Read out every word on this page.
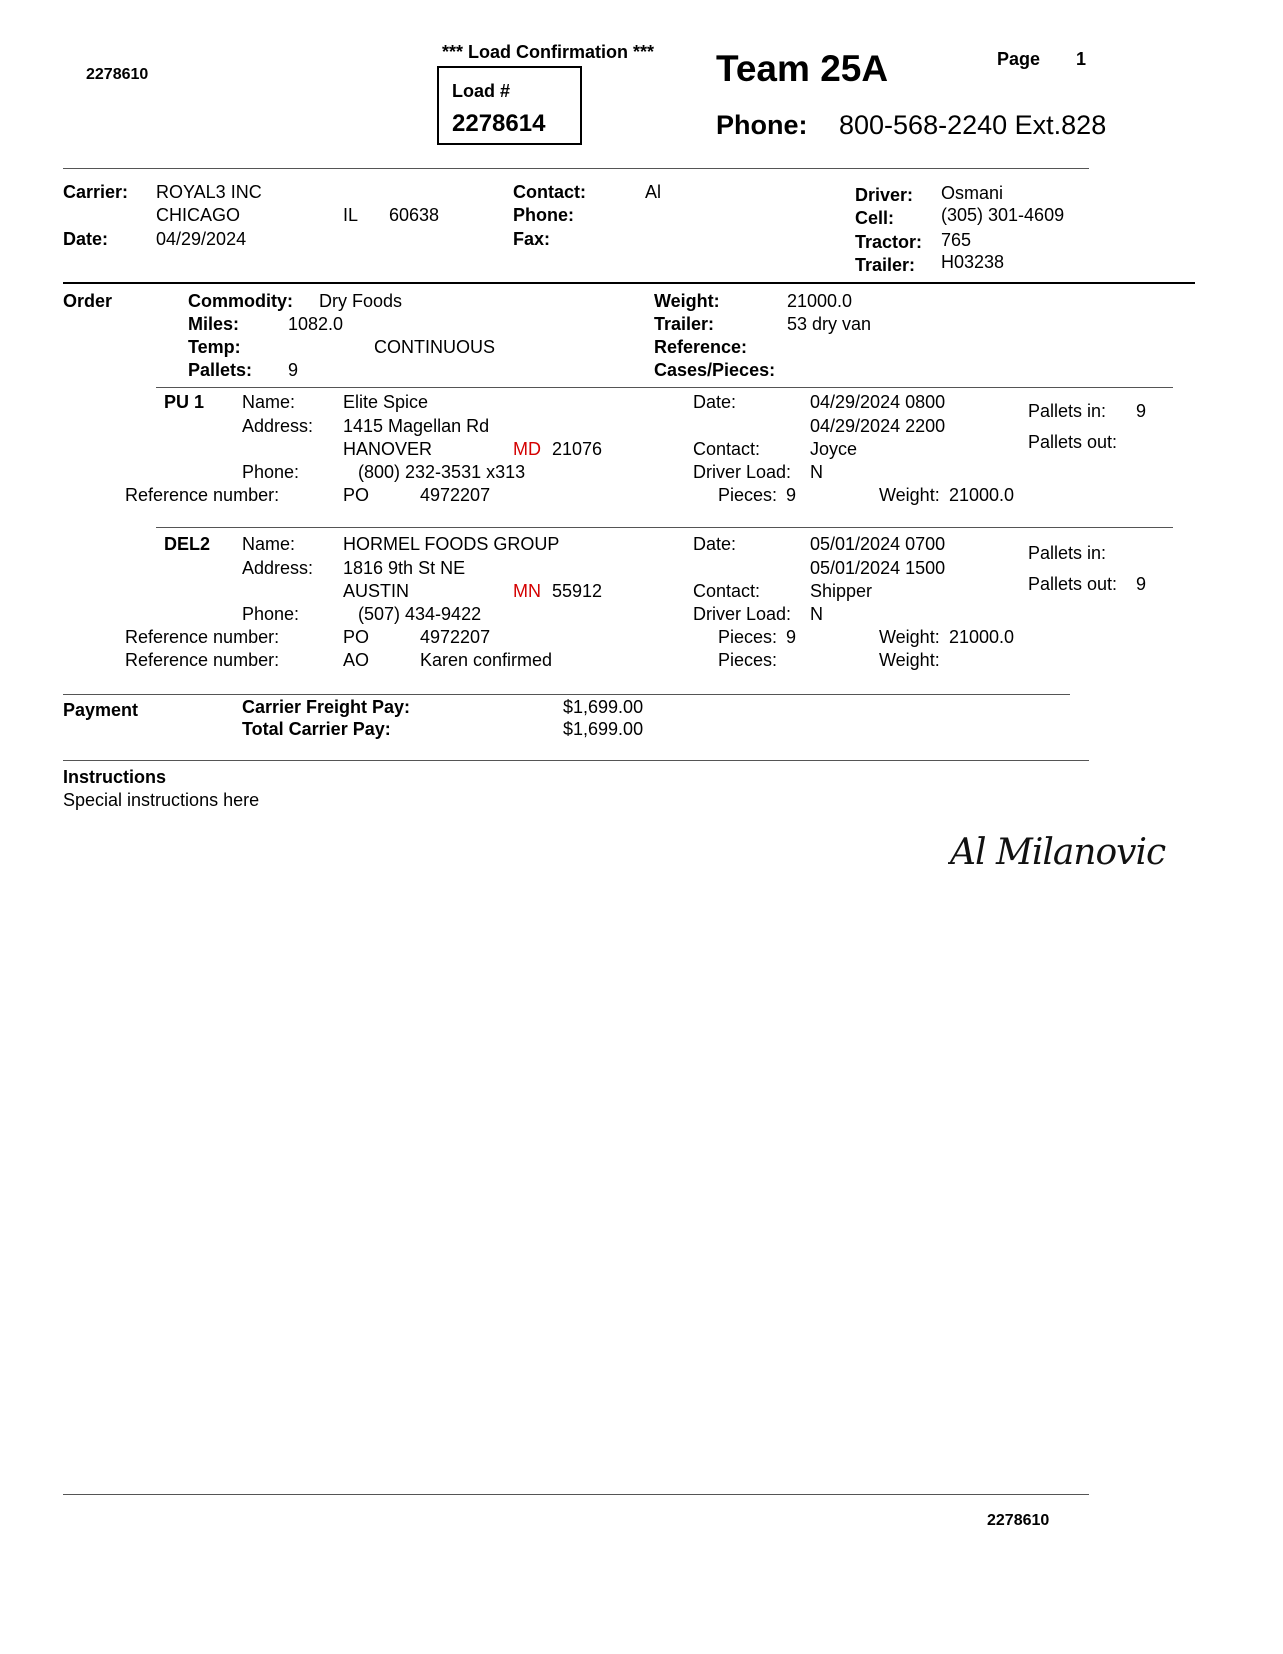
2278610
*** Load Confirmation ***
Load #
2278614
Team 25A	Page 1
Phone: 800-568-2240 Ext.828
Carrier: ROYAL3 INC
CHICAGO	IL 60638
Date:	04/29/2024
Contact:	Al
Phone:
Fax:
Driver: Osmani
Cell:	(305) 301-4609
Tractor: 765
Trailer: H03238
Order	Commodity: Dry Foods
Miles:	1082.0
Temp:	CONTINUOUS
Pallets: 9
Weight:	21000.0
Trailer:	53 dry van
Reference:
Cases/Pieces:
PU 1 Name:	Elite Spice
Address: 1415 Magellan Rd
HANOVER	MD 21076
Phone:	(800) 232-3531 x313
Reference number:	PO	4972207
Date:	04/29/2024 0800
04/29/2024 2200
Contact:	Joyce
Driver Load: N
Pieces: 9	Weight: 21000.0
Pallets in: 9
Pallets out:
DEL2 Name:	HORMEL FOODS GROUP
Address: 1816 9th St NE
AUSTIN	MN 55912
Phone:	(507) 434-9422
Reference number:	PO	4972207
Reference number:	AO	Karen confirmed
Date:	05/01/2024 0700
05/01/2024 1500
Contact:	Shipper
Driver Load: N
Pieces: 9	Weight: 21000.0
Pieces:	Weight:
Pallets in:
Pallets out: 9
Payment	Carrier Freight Pay:	$1,699.00
Total Carrier Pay:	$1,699.00
Instructions
Special instructions here
Al Milanovic
2278610
